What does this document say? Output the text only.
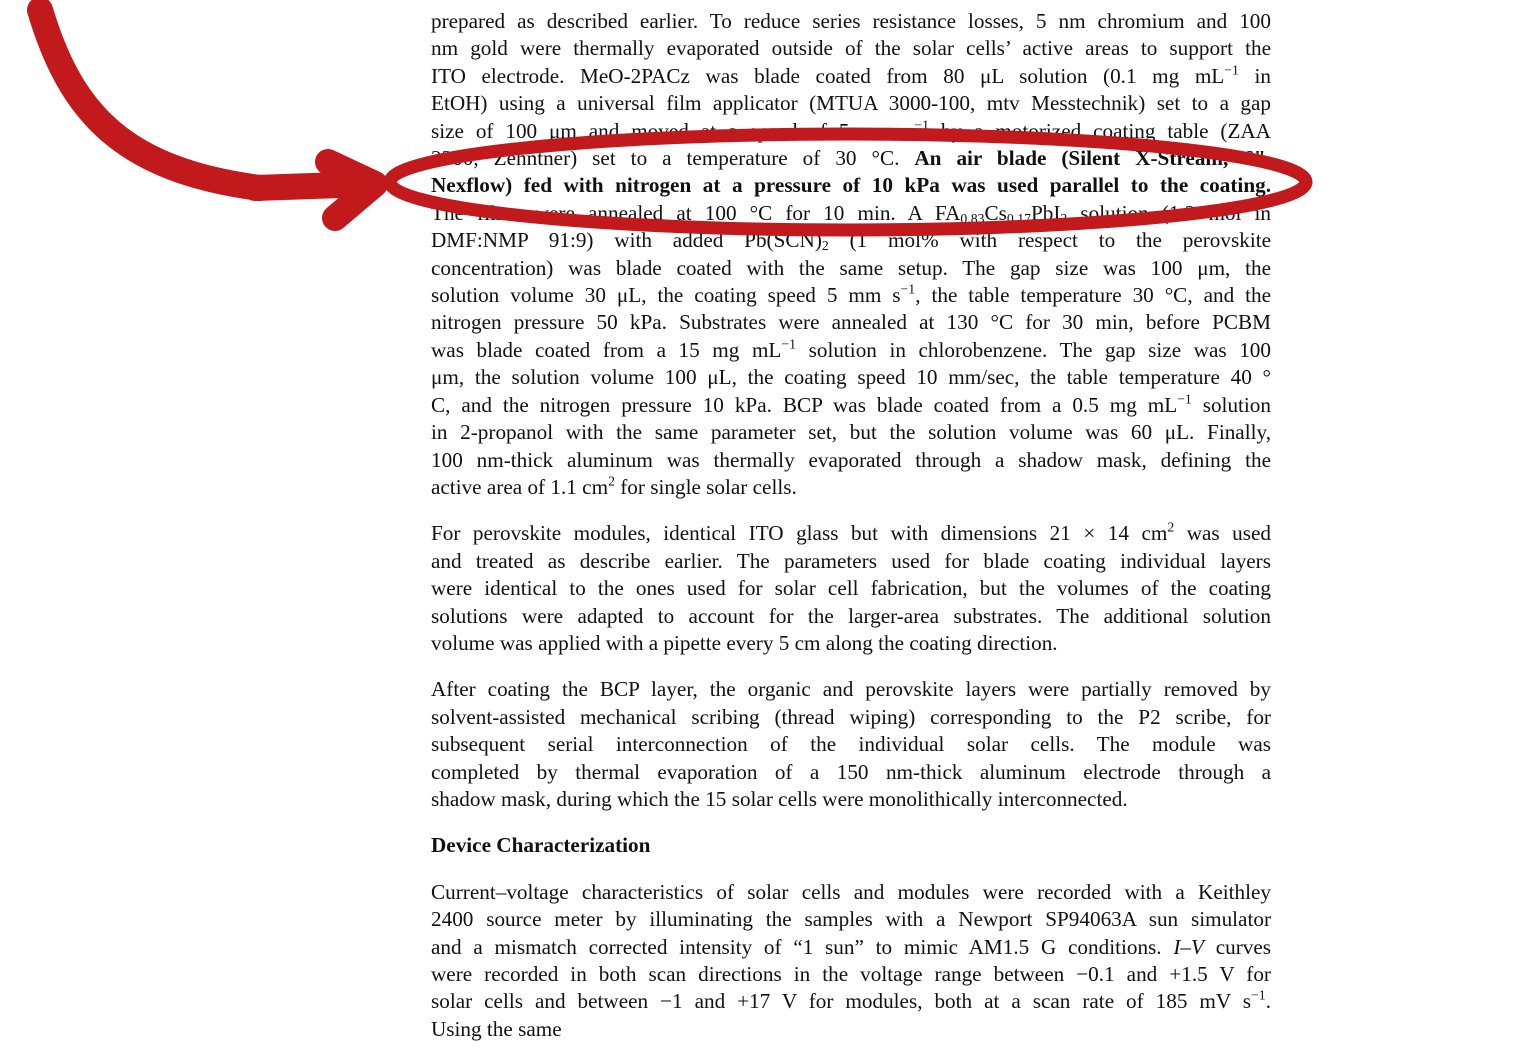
prepared as described earlier. To reduce series resistance losses, 5 nm chromium and 100
nm gold were thermally evaporated outside of the solar cells’ active areas to support the
ITO electrode. MeO-2PACz was blade coated from 80 μL solution (0.1 mg $mL^{-1}$ in
EtOH) using a universal film applicator (MTUA 3000-100, mtv Messtechnik) set to a gap
size of 100 μm and moved at a speed of 5 mm $s^{-1}$ by a motorized coating table (ZAA
2300, Zehntner) set to a temperature of 30 °C. An air blade (Silent X-Stream, 6",
Nexflow) fed with nitrogen at a pressure of 10 kPa was used parallel to the coating.
The films were annealed at 100 °C for 10 min. A $FA_{0.83}Cs_{0.17}PbI_3$ solution (1.3 mol in
DMF:NMP 91:9) with added $Pb(SCN)_2$ (1 mol% with respect to the perovskite
concentration) was blade coated with the same setup. The gap size was 100 μm, the
solution volume 30 μL, the coating speed 5 mm $s^{-1}$, the table temperature 30 °C, and the
nitrogen pressure 50 kPa. Substrates were annealed at 130 °C for 30 min, before PCBM
was blade coated from a 15 mg $mL^{-1}$ solution in chlorobenzene. The gap size was 100
μm, the solution volume 100 μL, the coating speed 10 mm/sec, the table temperature 40 °
C, and the nitrogen pressure 10 kPa. BCP was blade coated from a 0.5 mg $mL^{-1}$ solution
in 2-propanol with the same parameter set, but the solution volume was 60 μL. Finally,
100 nm-thick aluminum was thermally evaporated through a shadow mask, defining the
active area of 1.1 $cm^2$ for single solar cells.
For perovskite modules, identical ITO glass but with dimensions 21 × 14 $cm^2$ was used
and treated as describe earlier. The parameters used for blade coating individual layers
were identical to the ones used for solar cell fabrication, but the volumes of the coating
solutions were adapted to account for the larger-area substrates. The additional solution
volume was applied with a pipette every 5 cm along the coating direction.
After coating the BCP layer, the organic and perovskite layers were partially removed by
solvent-assisted mechanical scribing (thread wiping) corresponding to the P2 scribe, for
subsequent serial interconnection of the individual solar cells. The module was
completed by thermal evaporation of a 150 nm-thick aluminum electrode through a
shadow mask, during which the 15 solar cells were monolithically interconnected.
Device Characterization
Current–voltage characteristics of solar cells and modules were recorded with a Keithley
2400 source meter by illuminating the samples with a Newport SP94063A sun simulator
and a mismatch corrected intensity of “1 sun” to mimic AM1.5 G conditions. I–V curves
were recorded in both scan directions in the voltage range between −0.1 and +1.5 V for
solar cells and between −1 and +17 V for modules, both at a scan rate of 185 mV $s^{-1}$.
Using the same
